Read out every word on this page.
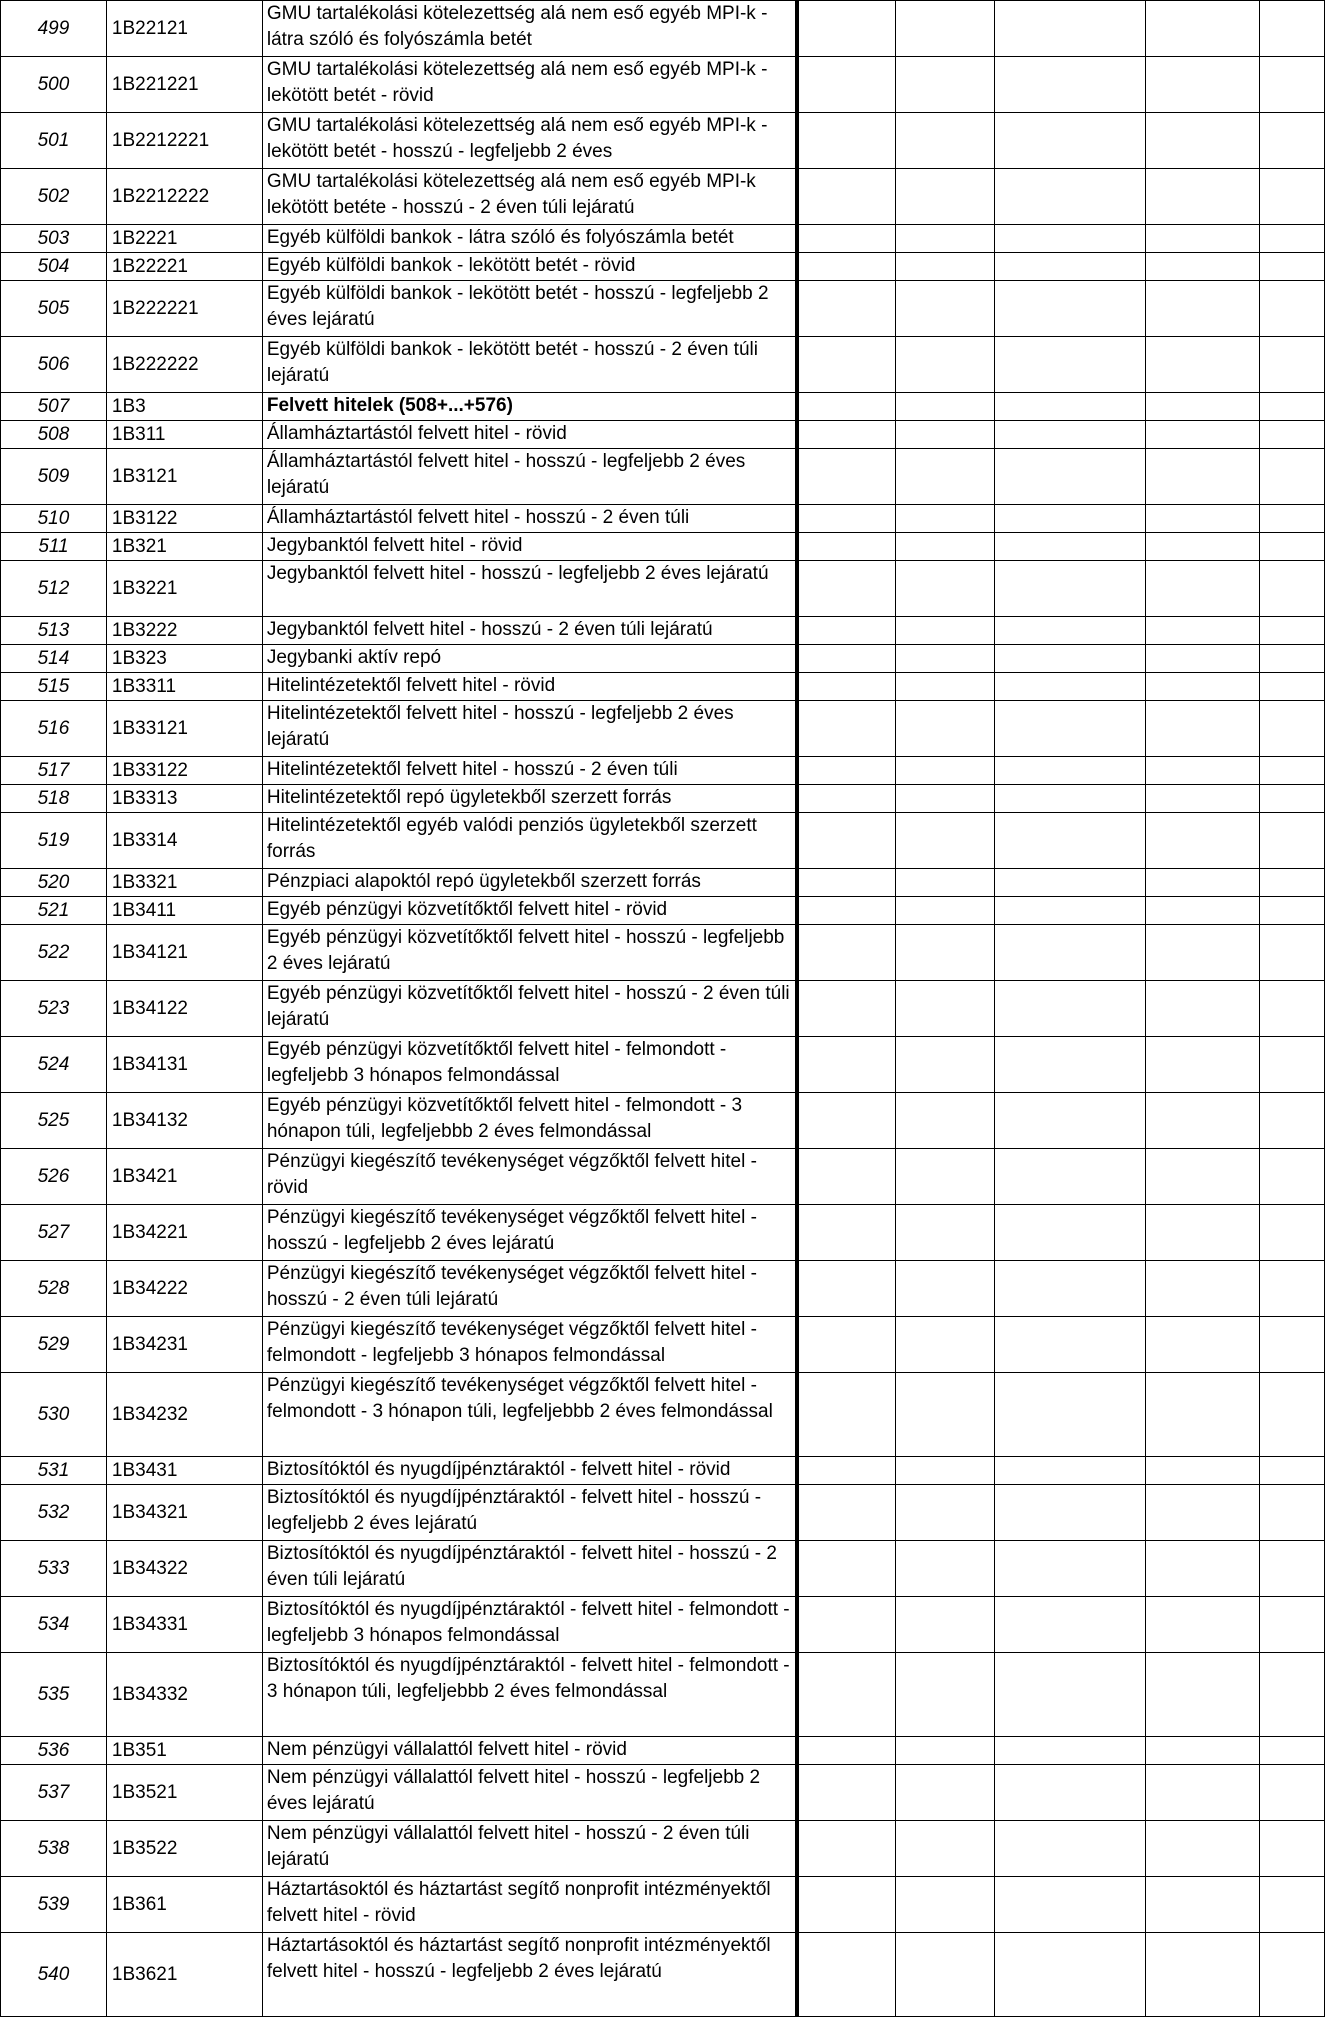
499	1B22121	GMU tartalékolási kötelezettség alá nem eső egyéb MPI-k - látra szóló és folyószámla betét					
500	1B221221	GMU tartalékolási kötelezettség alá nem eső egyéb MPI-k - lekötött betét - rövid					
501	1B2212221	GMU tartalékolási kötelezettség alá nem eső egyéb MPI-k - lekötött betét - hosszú - legfeljebb 2 éves					
502	1B2212222	GMU tartalékolási kötelezettség alá nem eső egyéb MPI-k lekötött betéte - hosszú - 2 éven túli lejáratú					
503	1B2221	Egyéb külföldi bankok - látra szóló és folyószámla betét					
504	1B22221	Egyéb külföldi bankok - lekötött betét - rövid					
505	1B222221	Egyéb külföldi bankok - lekötött betét - hosszú - legfeljebb 2 éves lejáratú					
506	1B222222	Egyéb külföldi bankok - lekötött betét - hosszú - 2 éven túli lejáratú					
507	1B3	Felvett hitelek (508+...+576)					
508	1B311	Államháztartástól felvett hitel - rövid					
509	1B3121	Államháztartástól felvett hitel - hosszú - legfeljebb 2 éves lejáratú					
510	1B3122	Államháztartástól felvett hitel - hosszú - 2 éven túli					
511	1B321	Jegybanktól felvett hitel - rövid					
512	1B3221	Jegybanktól felvett hitel - hosszú - legfeljebb 2 éves lejáratú					
513	1B3222	Jegybanktól felvett hitel - hosszú - 2 éven túli lejáratú					
514	1B323	Jegybanki aktív repó					
515	1B3311	Hitelintézetektől felvett hitel - rövid					
516	1B33121	Hitelintézetektől felvett hitel - hosszú - legfeljebb 2 éves lejáratú					
517	1B33122	Hitelintézetektől felvett hitel - hosszú - 2 éven túli					
518	1B3313	Hitelintézetektől repó ügyletekből szerzett forrás					
519	1B3314	Hitelintézetektől egyéb valódi penziós ügyletekből szerzett forrás					
520	1B3321	Pénzpiaci alapoktól repó ügyletekből szerzett forrás					
521	1B3411	Egyéb pénzügyi közvetítőktől felvett hitel - rövid					
522	1B34121	Egyéb pénzügyi közvetítőktől felvett hitel - hosszú - legfeljebb 2 éves lejáratú					
523	1B34122	Egyéb pénzügyi közvetítőktől felvett hitel - hosszú - 2 éven túli lejáratú					
524	1B34131	Egyéb pénzügyi közvetítőktől felvett hitel - felmondott - legfeljebb 3 hónapos felmondással					
525	1B34132	Egyéb pénzügyi közvetítőktől felvett hitel - felmondott - 3 hónapon túli, legfeljebbb 2 éves felmondással					
526	1B3421	Pénzügyi kiegészítő tevékenységet végzőktől felvett hitel - rövid					
527	1B34221	Pénzügyi kiegészítő tevékenységet végzőktől felvett hitel - hosszú - legfeljebb 2 éves lejáratú					
528	1B34222	Pénzügyi kiegészítő tevékenységet végzőktől felvett hitel - hosszú - 2 éven túli lejáratú					
529	1B34231	Pénzügyi kiegészítő tevékenységet végzőktől felvett hitel - felmondott - legfeljebb 3 hónapos felmondással					
530	1B34232	Pénzügyi kiegészítő tevékenységet végzőktől felvett hitel - felmondott - 3 hónapon túli, legfeljebbb 2 éves felmondással					
531	1B3431	Biztosítóktól és nyugdíjpénztáraktól - felvett hitel - rövid					
532	1B34321	Biztosítóktól és nyugdíjpénztáraktól - felvett hitel - hosszú - legfeljebb 2 éves lejáratú					
533	1B34322	Biztosítóktól és nyugdíjpénztáraktól - felvett hitel - hosszú - 2 éven túli lejáratú					
534	1B34331	Biztosítóktól és nyugdíjpénztáraktól - felvett hitel - felmondott - legfeljebb 3 hónapos felmondással					
535	1B34332	Biztosítóktól és nyugdíjpénztáraktól - felvett hitel - felmondott - 3 hónapon túli, legfeljebbb 2 éves felmondással					
536	1B351	Nem pénzügyi vállalattól felvett hitel - rövid					
537	1B3521	Nem pénzügyi vállalattól felvett hitel - hosszú - legfeljebb 2 éves lejáratú					
538	1B3522	Nem pénzügyi vállalattól felvett hitel - hosszú - 2 éven túli lejáratú					
539	1B361	Háztartásoktól és háztartást segítő nonprofit intézményektől felvett hitel - rövid					
540	1B3621	Háztartásoktól és háztartást segítő nonprofit intézményektől felvett hitel - hosszú - legfeljebb 2 éves lejáratú					
